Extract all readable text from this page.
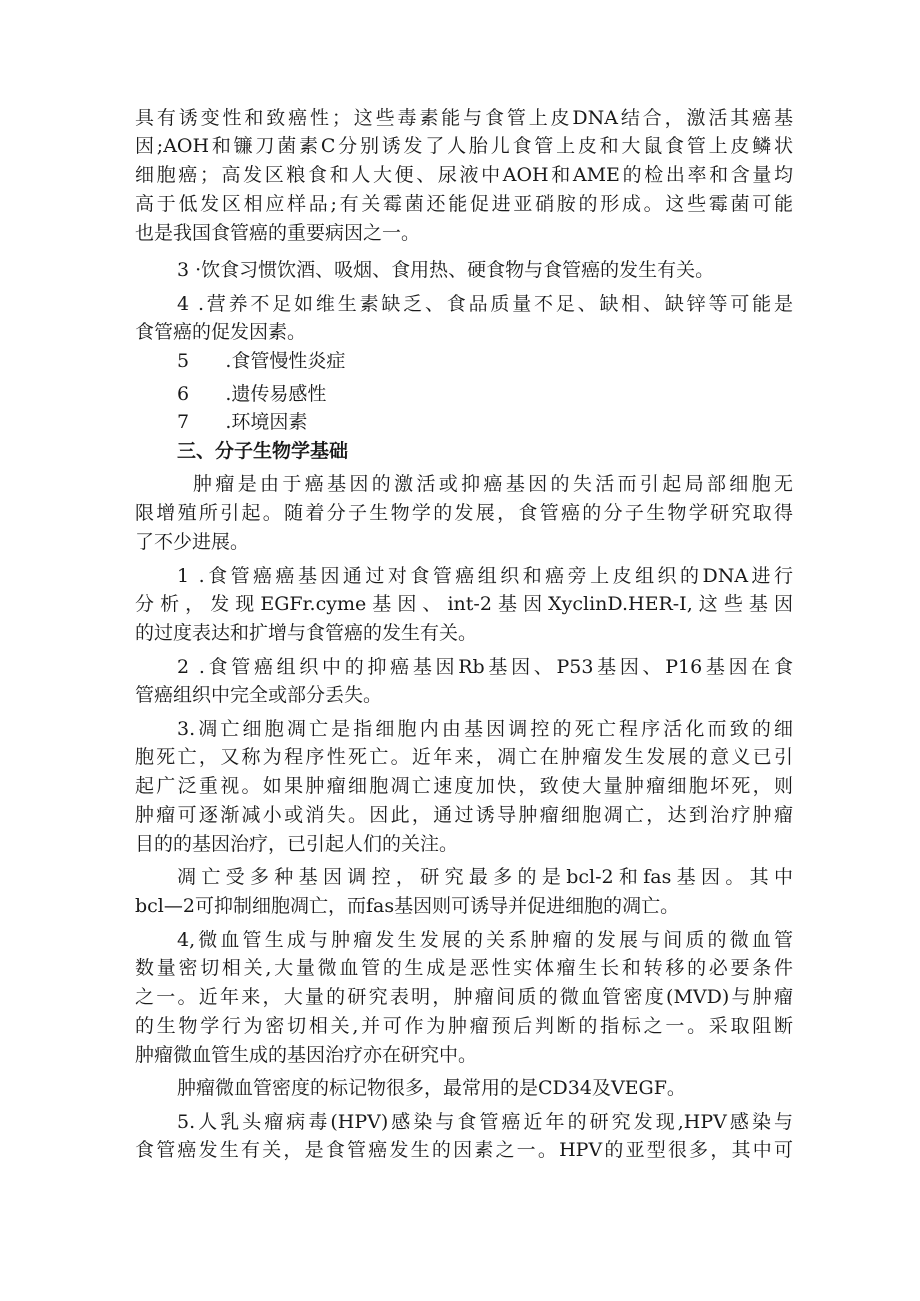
具有诱变性和致癌性；这些毒素能与食管上皮DNA结合，激活其癌基

因;AOH和镰刀菌素C分别诱发了人胎儿食管上皮和大鼠食管上皮鳞状

细胞癌；高发区粮食和人大便、尿液中AOH和AME的检出率和含量均

高于低发区相应样品;有关霉菌还能促进亚硝胺的形成。这些霉菌可能

也是我国食管癌的重要病因之一。

3 ·饮食习惯饮酒、吸烟、食用热、硬食物与食管癌的发生有关。

4 .营养不足如维生素缺乏、食品质量不足、缺相、缺锌等可能是

食管癌的促发因素。

5      .食管慢性炎症

6      .遗传易感性

7      .环境因素

三、分子生物学基础

肿瘤是由于癌基因的激活或抑癌基因的失活而引起局部细胞无

限增殖所引起。随着分子生物学的发展，食管癌的分子生物学研究取得

了不少进展。

1 .食管癌癌基因通过对食管癌组织和癌旁上皮组织的DNA进行

分析，发现EGFr.cyme基因、int-2基因XyclinD.HER-I,这些基因

的过度表达和扩增与食管癌的发生有关。

2 .食管癌组织中的抑癌基因Rb基因、P53基因、P16基因在食

管癌组织中完全或部分丢失。

3.凋亡细胞凋亡是指细胞内由基因调控的死亡程序活化而致的细

胞死亡，又称为程序性死亡。近年来，凋亡在肿瘤发生发展的意义已引

起广泛重视。如果肿瘤细胞凋亡速度加快，致使大量肿瘤细胞坏死，则

肿瘤可逐渐减小或消失。因此，通过诱导肿瘤细胞凋亡，达到治疗肿瘤

目的的基因治疗，已引起人们的关注。

凋亡受多种基因调控，研究最多的是bcl-2和fas基因。其中

bcl—2可抑制细胞凋亡，而fas基因则可诱导并促进细胞的凋亡。

4,微血管生成与肿瘤发生发展的关系肿瘤的发展与间质的微血管

数量密切相关,大量微血管的生成是恶性实体瘤生长和转移的必要条件

之一。近年来，大量的研究表明，肿瘤间质的微血管密度(MVD)与肿瘤

的生物学行为密切相关,并可作为肿瘤预后判断的指标之一。采取阻断

肿瘤微血管生成的基因治疗亦在研究中。

肿瘤微血管密度的标记物很多，最常用的是CD34及VEGF。

5.人乳头瘤病毒(HPV)感染与食管癌近年的研究发现,HPV感染与

食管癌发生有关，是食管癌发生的因素之一。HPV的亚型很多，其中可
